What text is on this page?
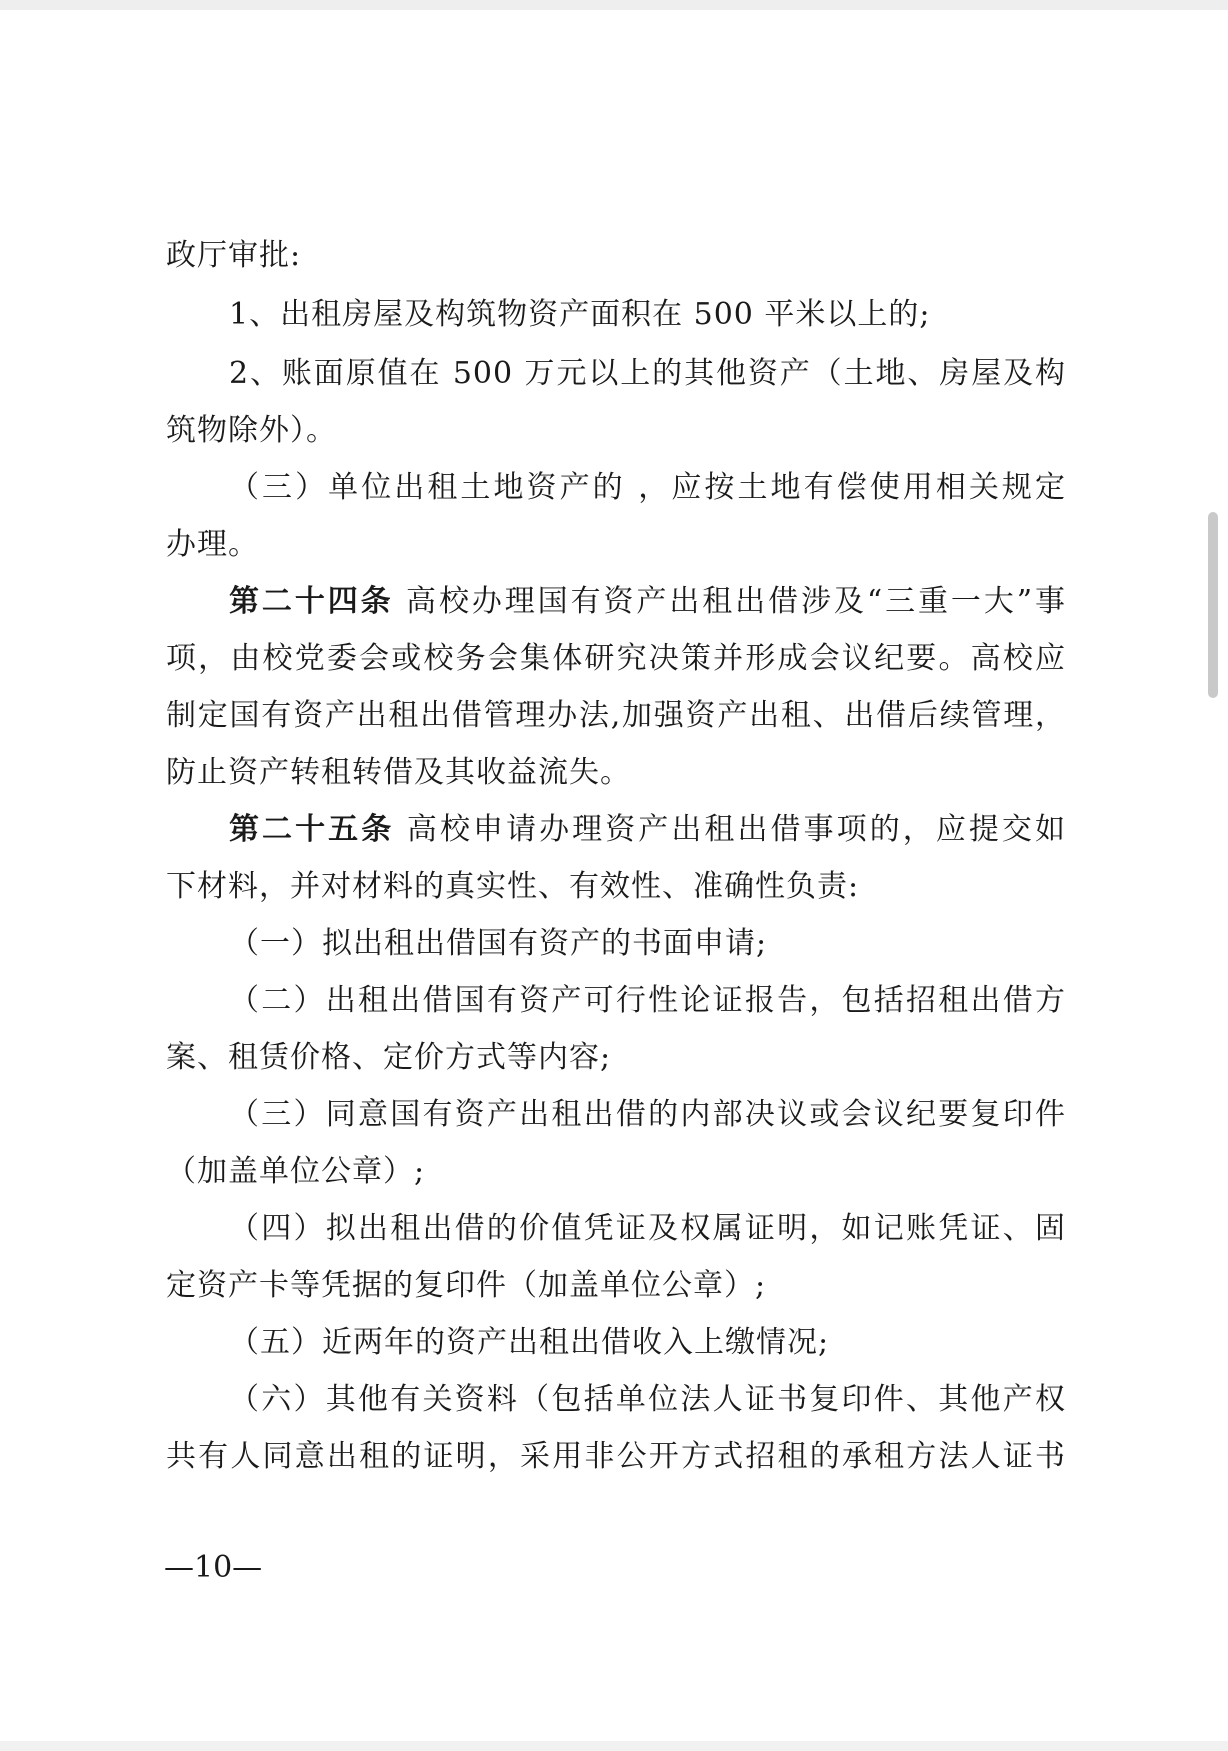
政厅审批:
1、出租房屋及构筑物资产面积在 500 平米以上的;
2、账面原值在 500 万元以上的其他资产（土地、房屋及构
筑物除外）。
（三）单位出租土地资产的 ，应按土地有偿使用相关规定
办理。
第二十四条 高校办理国有资产出租出借涉及“三重一大”事
项，由校党委会或校务会集体研究决策并形成会议纪要。高校应
制定国有资产出租出借管理办法,加强资产出租、出借后续管理，
防止资产转租转借及其收益流失。
第二十五条 高校申请办理资产出租出借事项的，应提交如
下材料，并对材料的真实性、有效性、准确性负责:
（一）拟出租出借国有资产的书面申请;
（二）出租出借国有资产可行性论证报告，包括招租出借方
案、租赁价格、定价方式等内容;
（三）同意国有资产出租出借的内部决议或会议纪要复印件
（加盖单位公章）;
（四）拟出租出借的价值凭证及权属证明，如记账凭证、固
定资产卡等凭据的复印件（加盖单位公章）;
（五）近两年的资产出租出借收入上缴情况;
（六）其他有关资料（包括单位法人证书复印件、其他产权
共有人同意出租的证明，采用非公开方式招租的承租方法人证书
—10—
